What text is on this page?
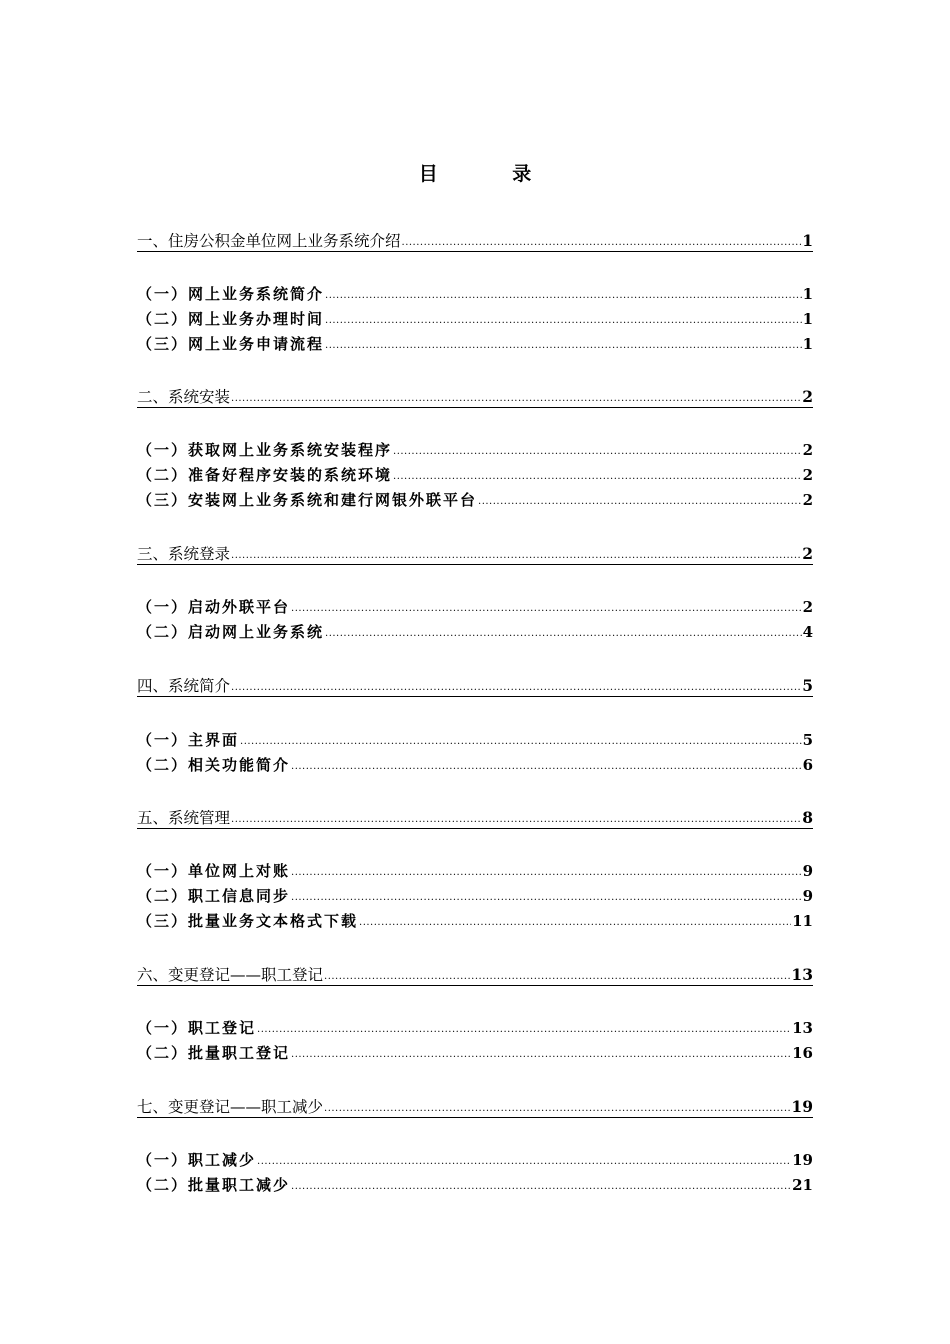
目 录
一、住房公积金单位网上业务系统介绍 .....	1
（一）网上业务系统简介 .....	1
（二）网上业务办理时间 .....	1
（三）网上业务申请流程 .....	1
二、系统安装 .....	2
（一）获取网上业务系统安装程序 .....	2
（二）准备好程序安装的系统环境 .....	2
（三）安装网上业务系统和建行网银外联平台 .....	2
三、系统登录 .....	2
（一）启动外联平台 .....	2
（二）启动网上业务系统 .....	4
四、系统简介 .....	5
（一）主界面 .....	5
（二）相关功能简介 .....	6
五、系统管理 .....	8
（一）单位网上对账 .....	9
（二）职工信息同步 .....	9
（三）批量业务文本格式下载 .....	11
六、变更登记——职工登记 .....	13
（一）职工登记 .....	13
（二）批量职工登记 .....	16
七、变更登记——职工减少 .....	19
（一）职工减少 .....	19
（二）批量职工减少 .....	21
